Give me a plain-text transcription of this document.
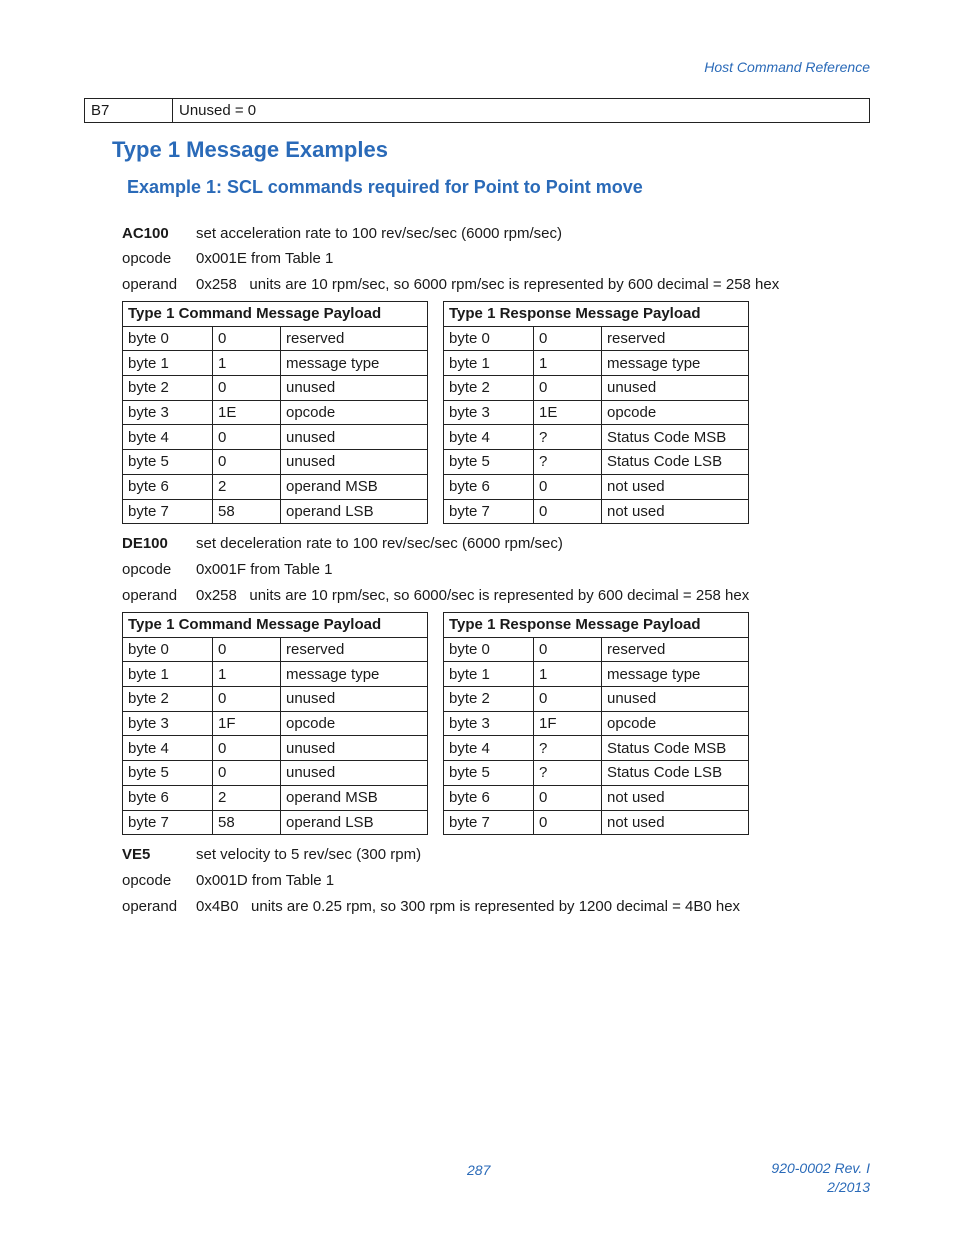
Host Command Reference
B7	Unused = 0
Type 1 Message Examples
Example 1: SCL commands required for Point to Point move
AC100 set acceleration rate to 100 rev/sec/sec (6000 rpm/sec)
opcode 0x001E from Table 1
operand 0x258   units are 10 rpm/sec, so 6000 rpm/sec is represented by 600 decimal = 258 hex
Type 1 Command Message Payload		
byte 0	0	reserved
byte 1	1	message type
byte 2	0	unused
byte 3	1E	opcode
byte 4	0	unused
byte 5	0	unused
byte 6	2	operand MSB
byte 7	58	operand LSB
Type 1 Response Message Payload		
byte 0	0	reserved
byte 1	1	message type
byte 2	0	unused
byte 3	1E	opcode
byte 4	?	Status Code MSB
byte 5	?	Status Code LSB
byte 6	0	not used
byte 7	0	not used
DE100 set deceleration rate to 100 rev/sec/sec (6000 rpm/sec)
opcode 0x001F from Table 1
operand 0x258   units are 10 rpm/sec, so 6000/sec is represented by 600 decimal = 258 hex
Type 1 Command Message Payload		
byte 0	0	reserved
byte 1	1	message type
byte 2	0	unused
byte 3	1F	opcode
byte 4	0	unused
byte 5	0	unused
byte 6	2	operand MSB
byte 7	58	operand LSB
Type 1 Response Message Payload		
byte 0	0	reserved
byte 1	1	message type
byte 2	0	unused
byte 3	1F	opcode
byte 4	?	Status Code MSB
byte 5	?	Status Code LSB
byte 6	0	not used
byte 7	0	not used
VE5	set velocity to 5 rev/sec (300 rpm)
opcode 0x001D from Table 1
operand 0x4B0   units are 0.25 rpm, so 300 rpm is represented by 1200 decimal = 4B0 hex
287	920-0002 Rev. I
2/2013
